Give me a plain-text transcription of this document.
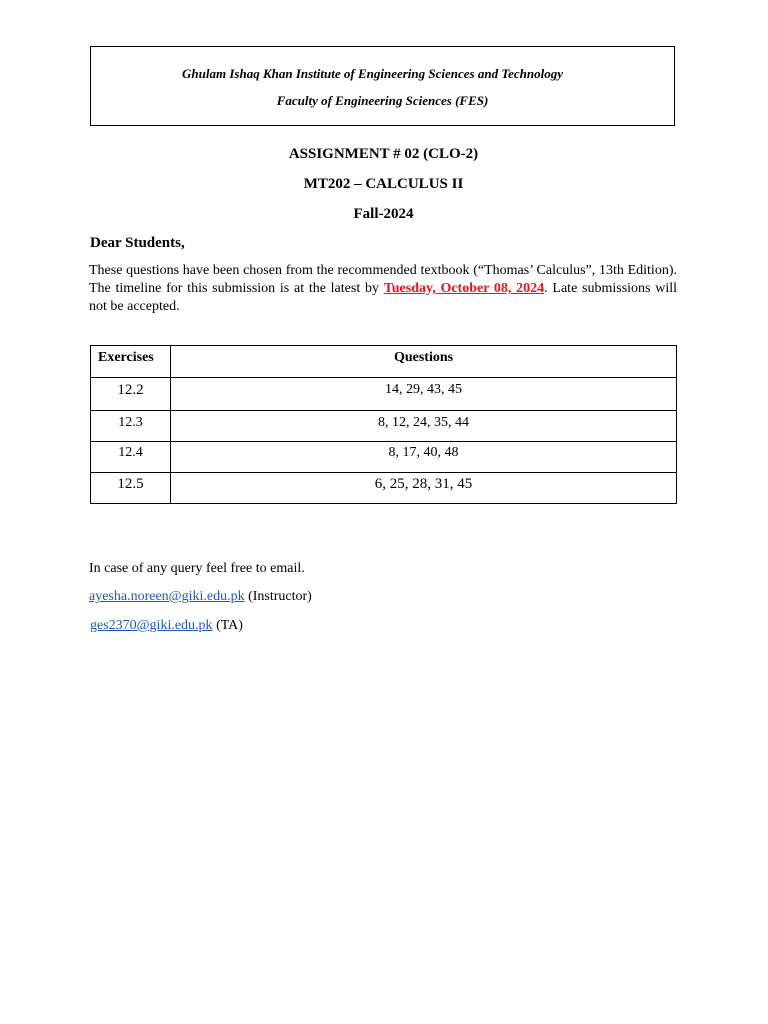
Ghulam Ishaq Khan Institute of Engineering Sciences and Technology
Faculty of Engineering Sciences (FES)
ASSIGNMENT # 02 (CLO-2)
MT202 – CALCULUS II
Fall-2024
Dear Students,

These questions have been chosen from the recommended textbook (“Thomas’ Calculus”, 13th Edition). The timeline for this submission is at the latest by Tuesday, October 08, 2024. Late submissions will not be accepted.

Exercises	Questions
12.2	14, 29, 43, 45
12.3	8, 12, 24, 35, 44
12.4	8, 17, 40, 48
12.5	6, 25, 28, 31, 45
In case of any query feel free to email.
ayesha.noreen@giki.edu.pk (Instructor)
ges2370@giki.edu.pk (TA)
